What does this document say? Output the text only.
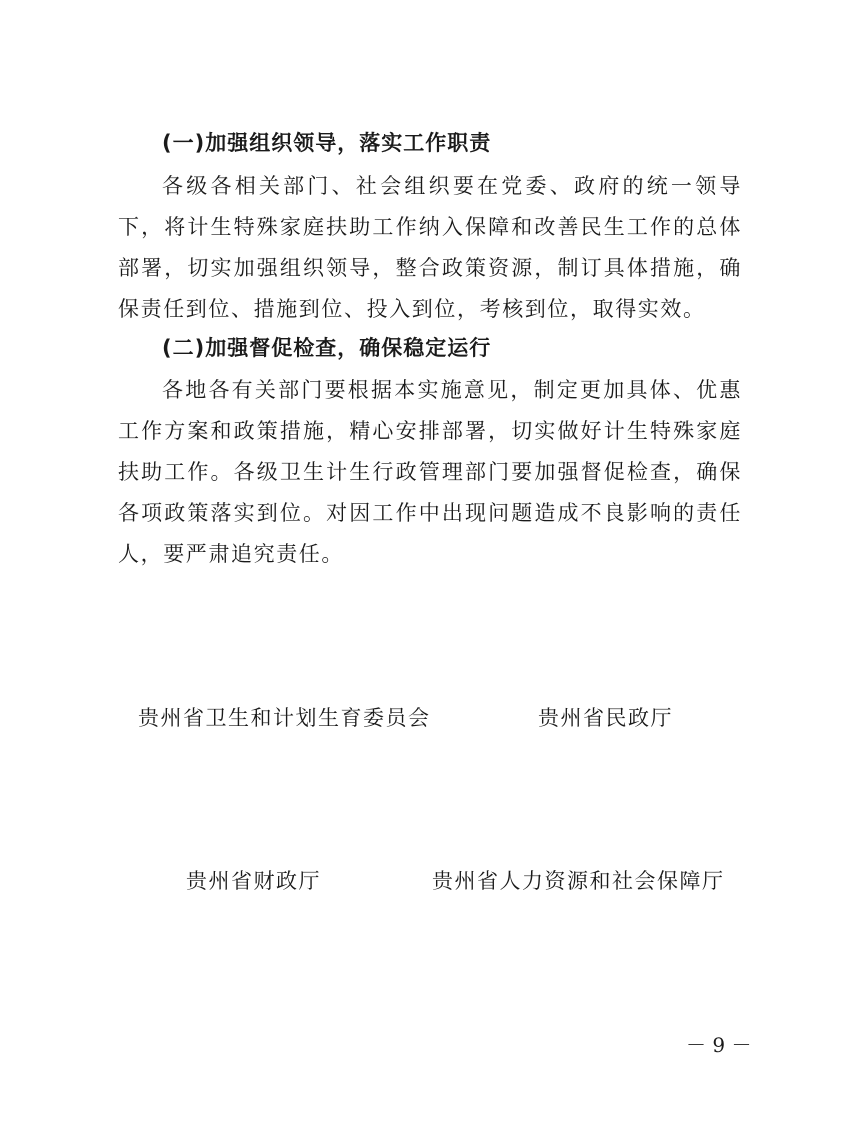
(一)加强组织领导，落实工作职责
各级各相关部门、社会组织要在党委、政府的统一领导下，将计生特殊家庭扶助工作纳入保障和改善民生工作的总体部署，切实加强组织领导，整合政策资源，制订具体措施，确保责任到位、措施到位、投入到位，考核到位，取得实效。
(二)加强督促检查，确保稳定运行
各地各有关部门要根据本实施意见，制定更加具体、优惠工作方案和政策措施，精心安排部署，切实做好计生特殊家庭扶助工作。各级卫生计生行政管理部门要加强督促检查，确保各项政策落实到位。对因工作中出现问题造成不良影响的责任人，要严肃追究责任。
贵州省卫生和计划生育委员会	贵州省民政厅
贵州省财政厅	贵州省人力资源和社会保障厅
－ 9 －
